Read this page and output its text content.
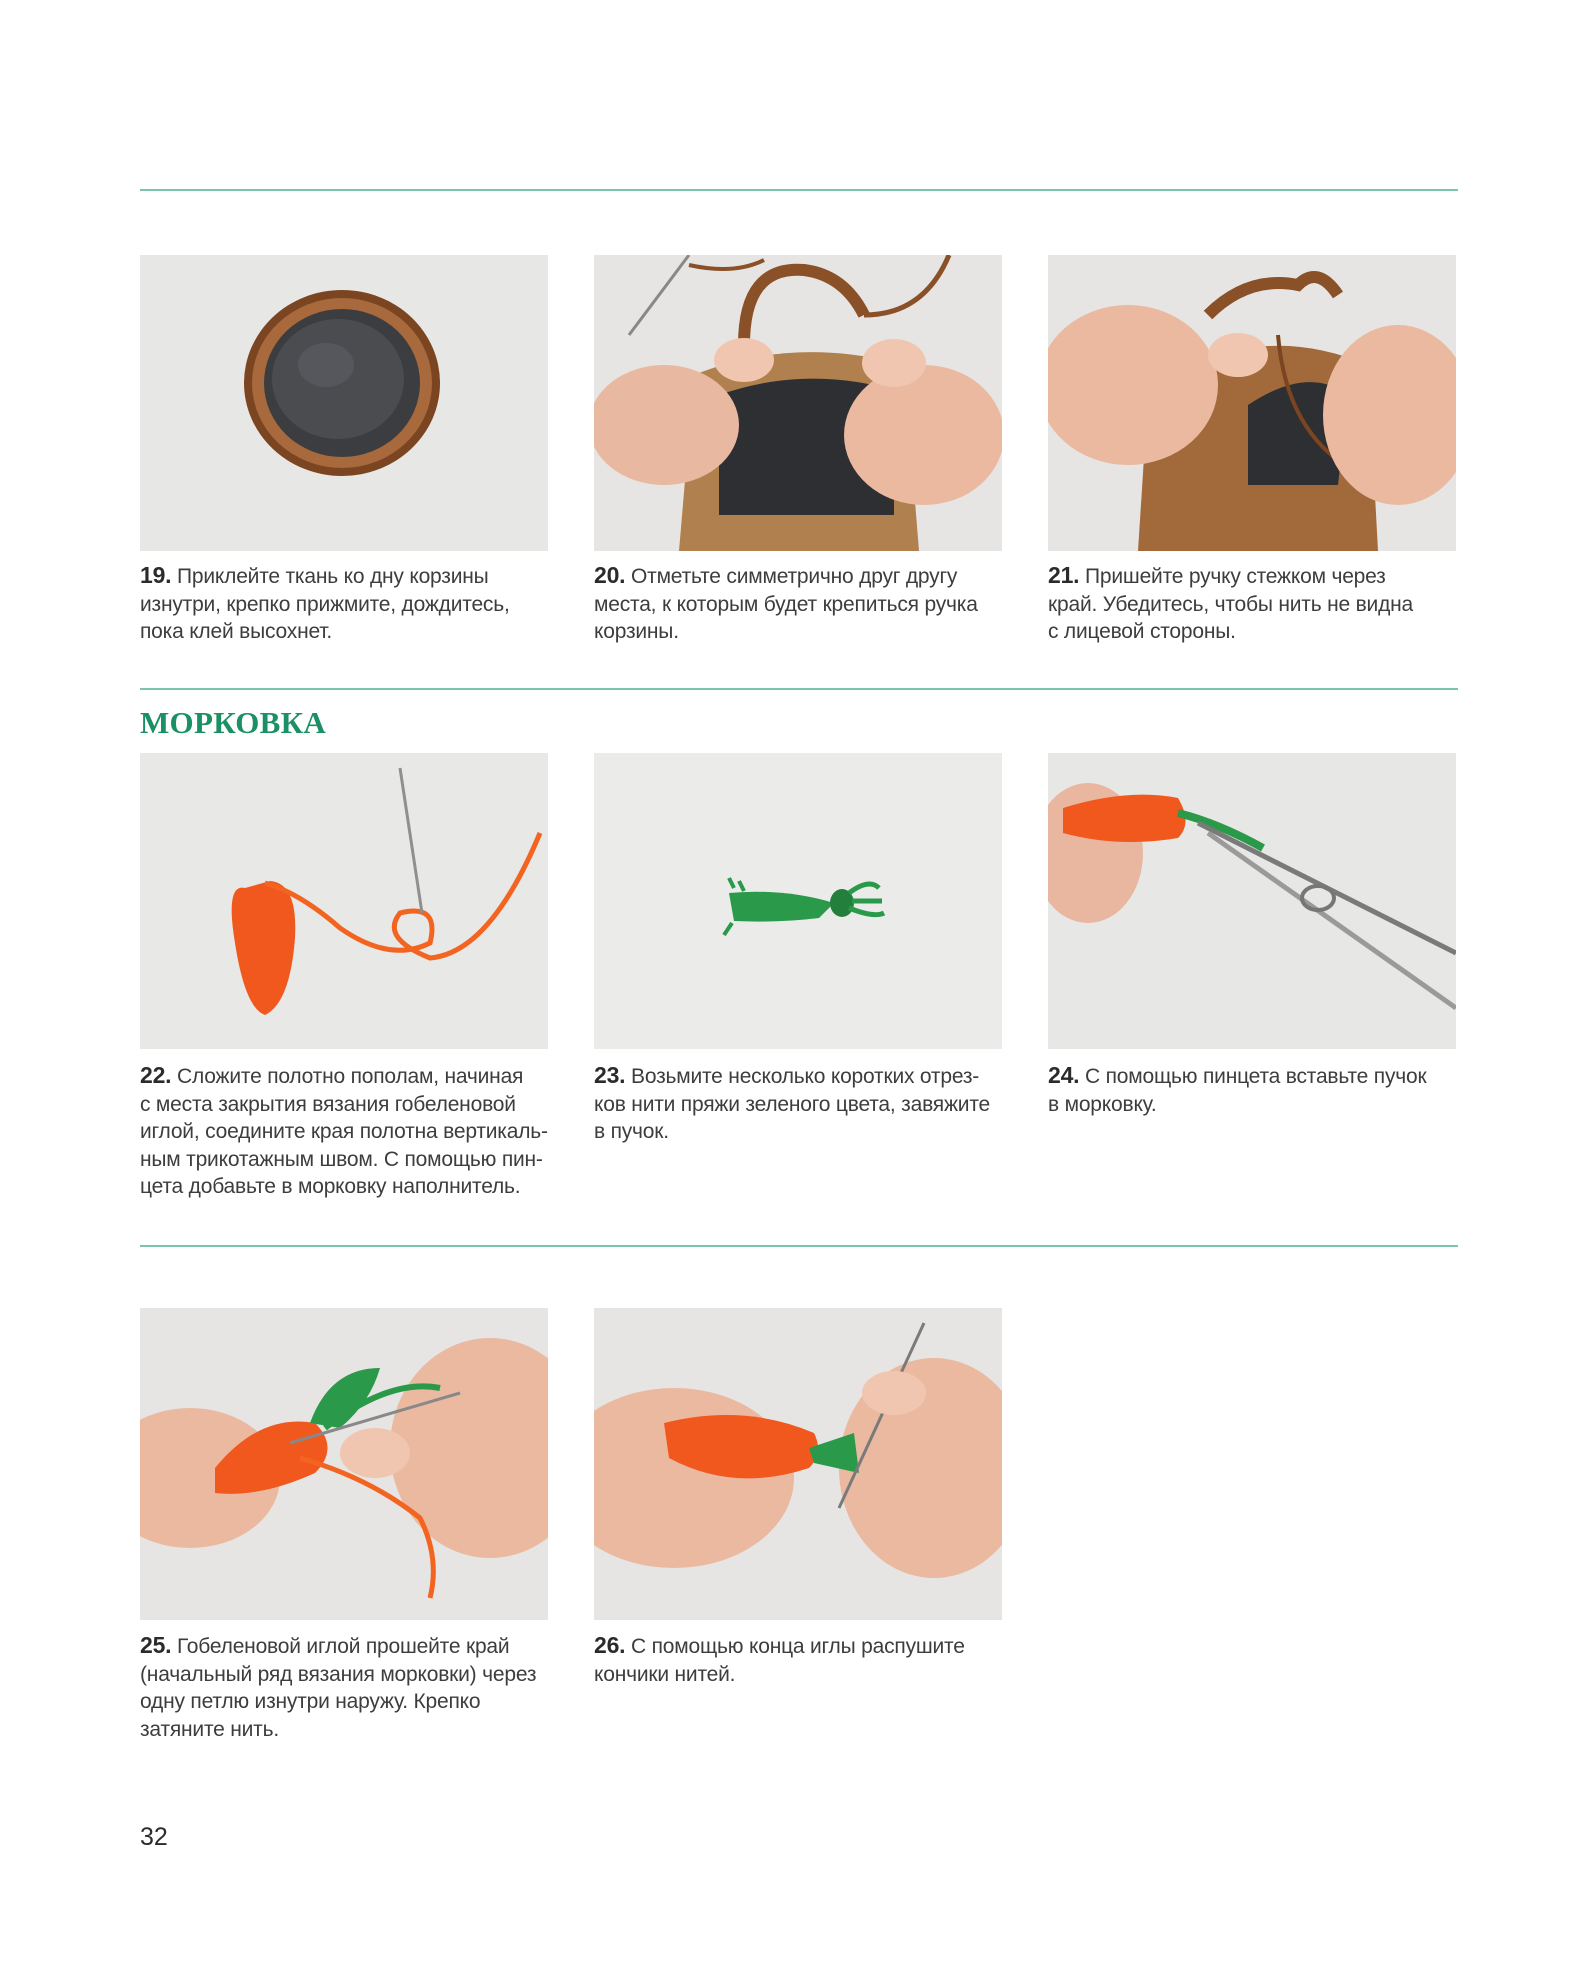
19. Приклейте ткань ко дну корзины
изнутри, крепко прижмите, дождитесь,
пока клей высохнет.
20. Отметьте симметрично друг другу
места, к которым будет крепиться ручка
корзины.
21. Пришейте ручку стежком через
край. Убедитесь, чтобы нить не видна
с лицевой стороны.
МОРКОВКА
22. Сложите полотно пополам, начиная
с места закрытия вязания гобеленовой
иглой, соедините края полотна вертикаль-
ным трикотажным швом. С помощью пин-
цета добавьте в морковку наполнитель.
23. Возьмите несколько коротких отрез-
ков нити пряжи зеленого цвета, завяжите
в пучок.
24. С помощью пинцета вставьте пучок
в морковку.
25. Гобеленовой иглой прошейте край
(начальный ряд вязания морковки) через
одну петлю изнутри наружу. Крепко
затяните нить.
26. С помощью конца иглы распушите
кончики нитей.
32
